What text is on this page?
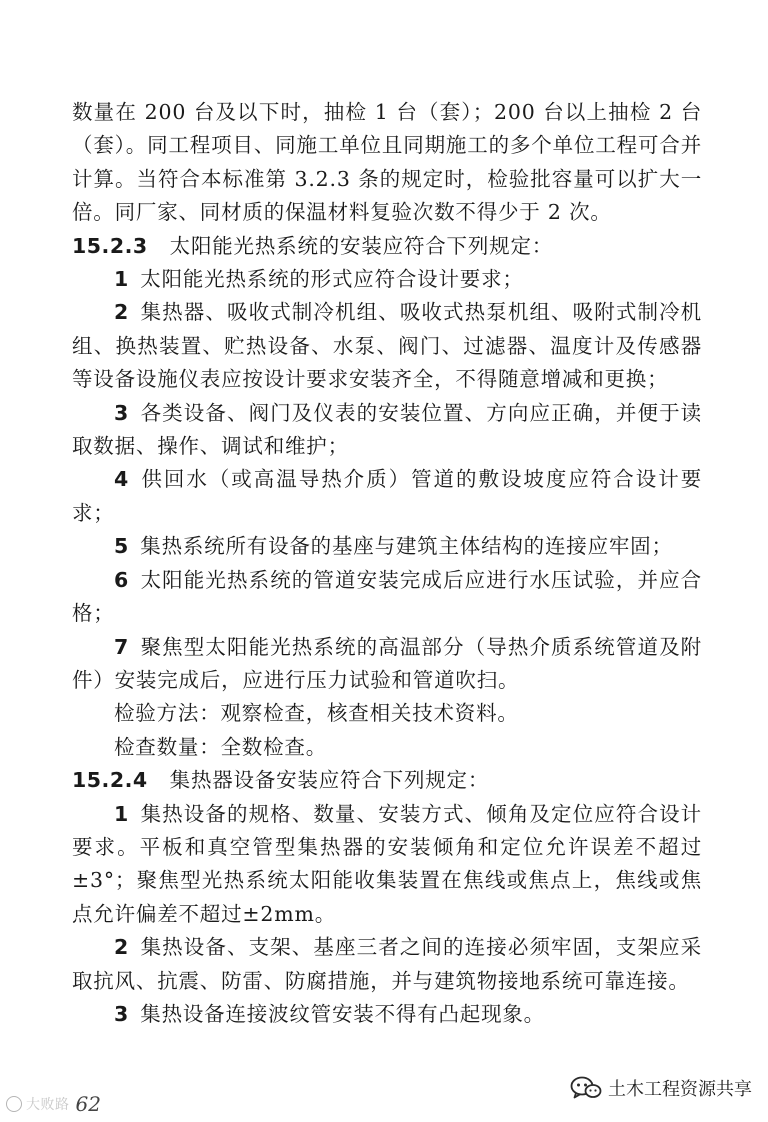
数量在 200 台及以下时，抽检 1 台（套）；200 台以上抽检 2 台（套）。同工程项目、同施工单位且同期施工的多个单位工程可合并计算。当符合本标准第 3.2.3 条的规定时，检验批容量可以扩大一倍。同厂家、同材质的保温材料复验次数不得少于 2 次。

15.2.3 太阳能光热系统的安装应符合下列规定：

1 太阳能光热系统的形式应符合设计要求；

2 集热器、吸收式制冷机组、吸收式热泵机组、吸附式制冷机组、换热装置、贮热设备、水泵、阀门、过滤器、温度计及传感器等设备设施仪表应按设计要求安装齐全，不得随意增减和更换；

3 各类设备、阀门及仪表的安装位置、方向应正确，并便于读取数据、操作、调试和维护；

4 供回水（或高温导热介质）管道的敷设坡度应符合设计要求；

5 集热系统所有设备的基座与建筑主体结构的连接应牢固；

6 太阳能光热系统的管道安装完成后应进行水压试验，并应合格；

7 聚焦型太阳能光热系统的高温部分（导热介质系统管道及附件）安装完成后，应进行压力试验和管道吹扫。

检验方法：观察检查，核查相关技术资料。

检查数量：全数检查。

15.2.4 集热器设备安装应符合下列规定：

1 集热设备的规格、数量、安装方式、倾角及定位应符合设计要求。平板和真空管型集热器的安装倾角和定位允许误差不超过±3°；聚焦型光热系统太阳能收集装置在焦线或焦点上，焦线或焦点允许偏差不超过±2mm。

2 集热设备、支架、基座三者之间的连接必须牢固，支架应采取抗风、抗震、防雷、防腐措施，并与建筑物接地系统可靠连接。

3 集热设备连接波纹管安装不得有凸起现象。

大败路 62
土木工程资源共享
